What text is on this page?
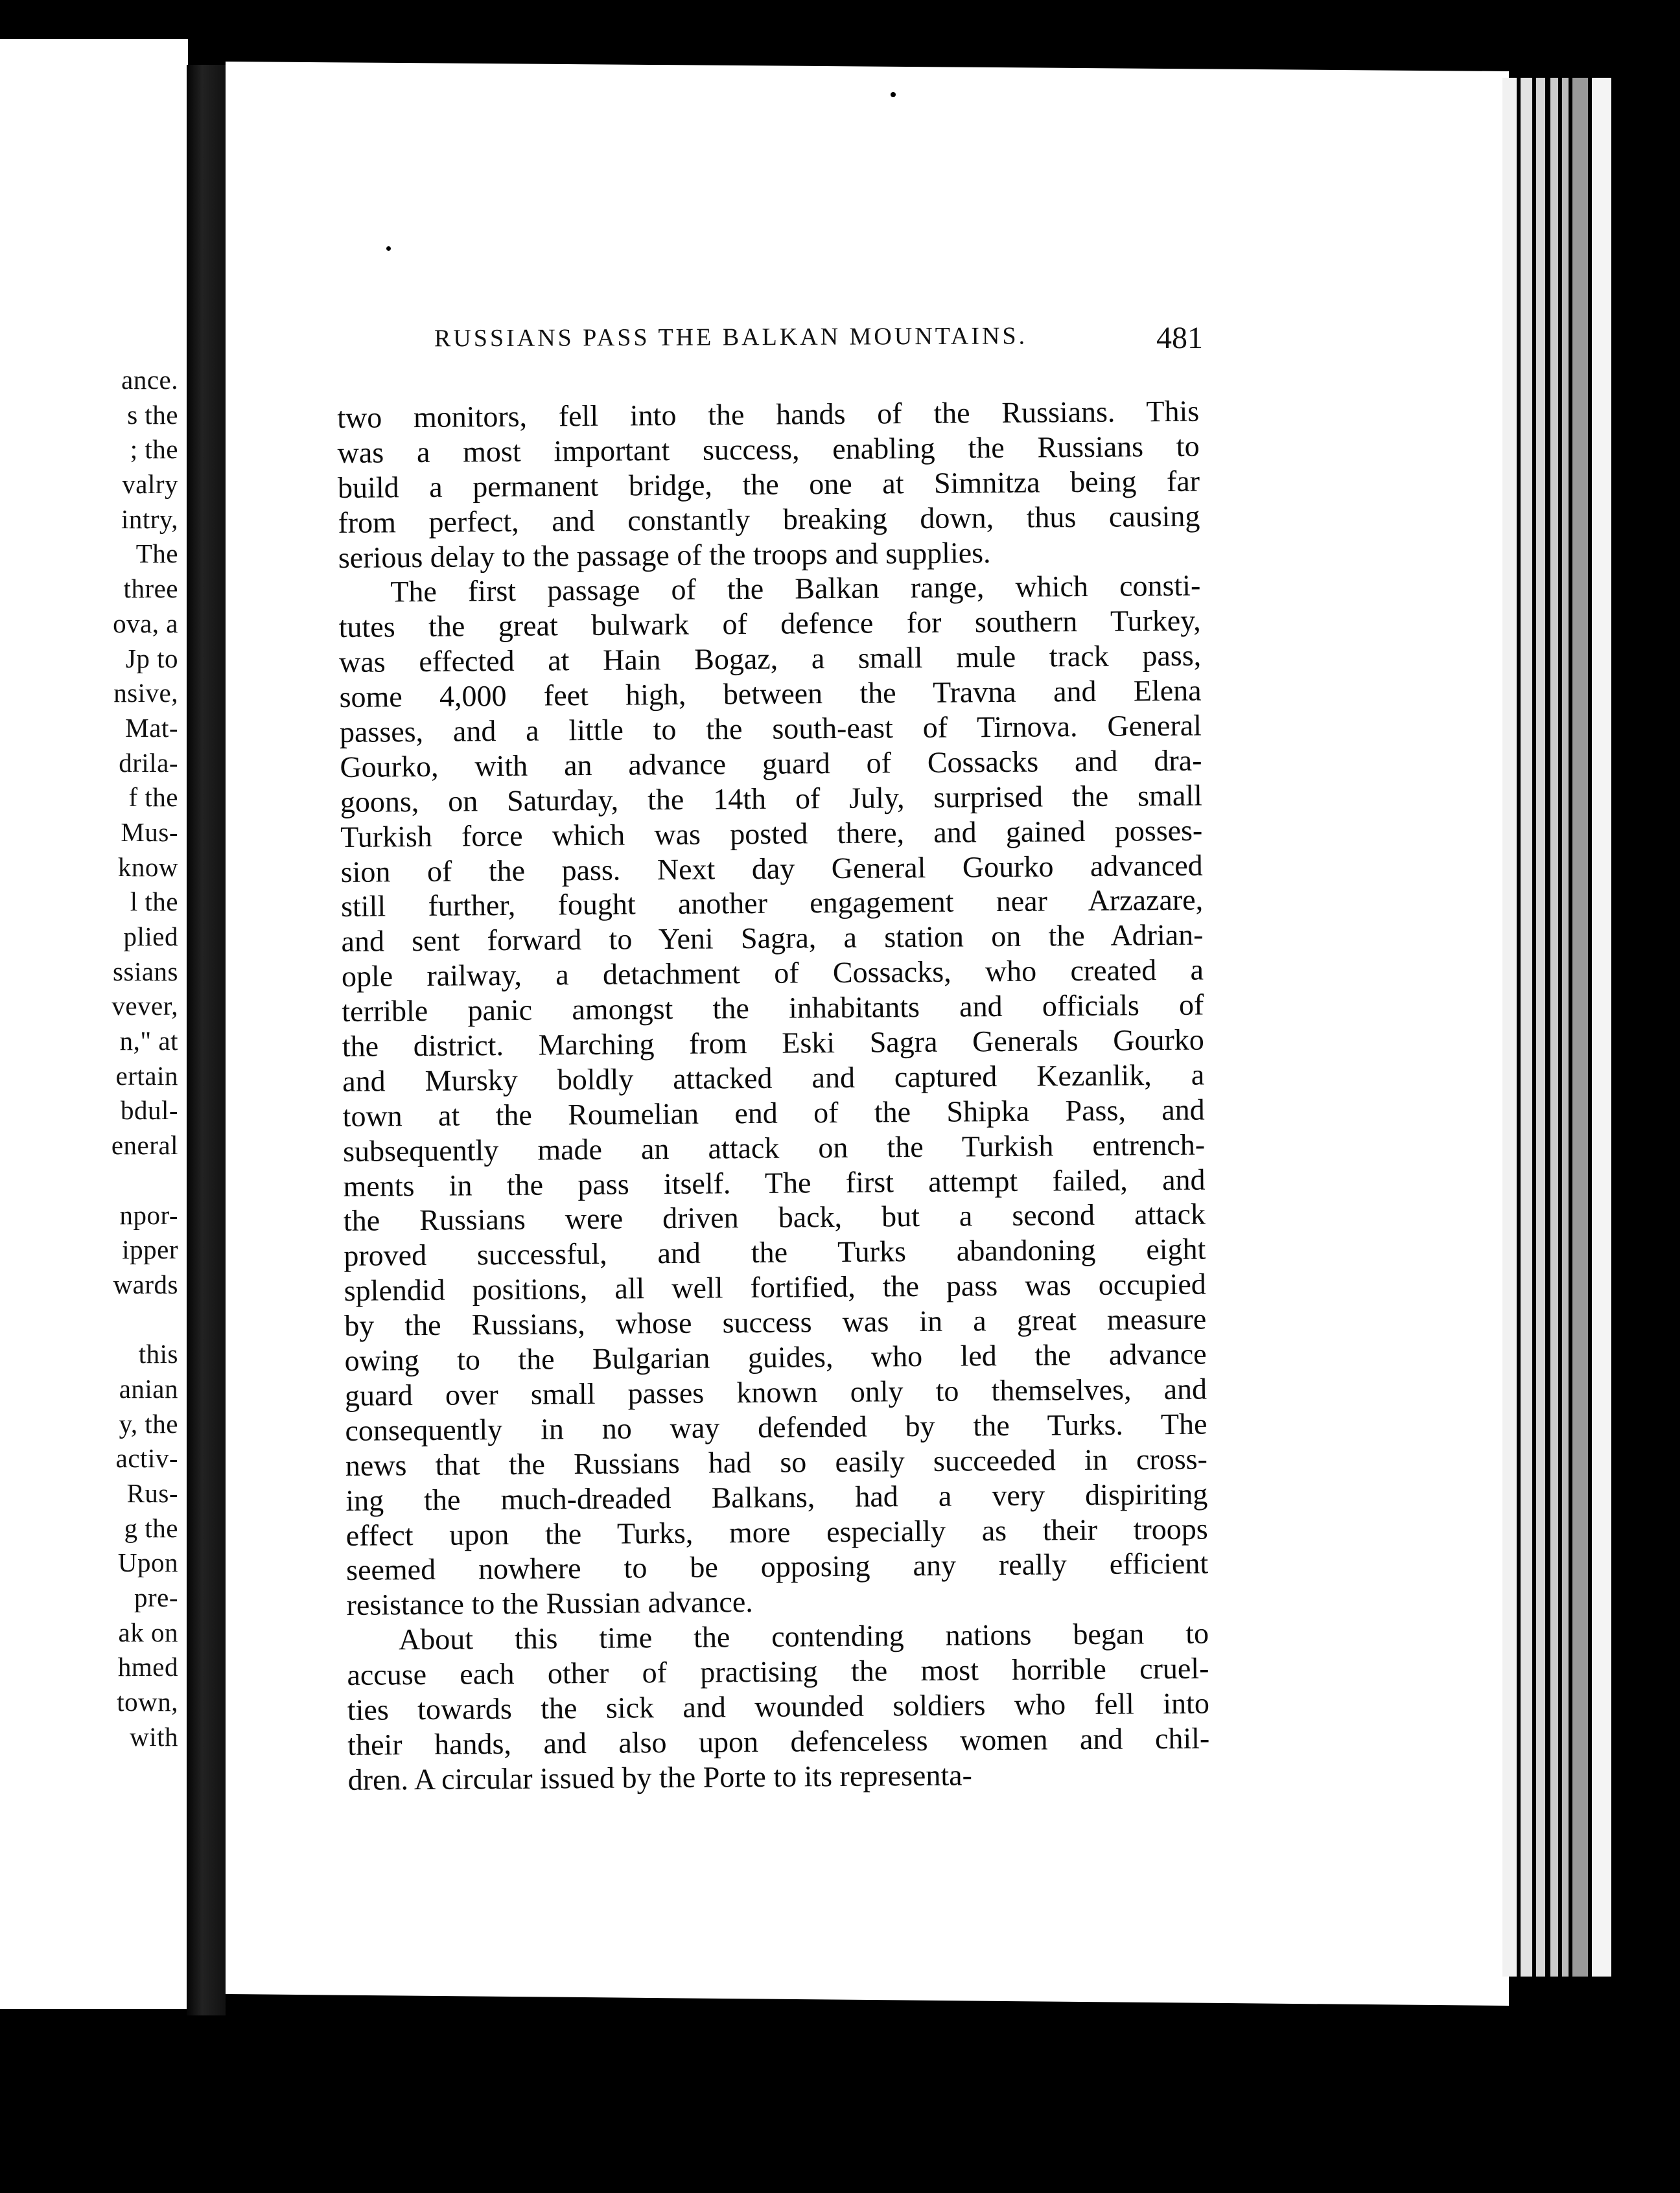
ance.
s the
; the
valry
intry,
The
three
ova, a
Jp to
nsive,
Mat-
drila-
f the
Mus-
know
l the
plied
ssians
vever,
n," at
ertain
bdul-
eneral
npor-
ipper
wards
this
anian
y, the
activ-
Rus-
g the
Upon
pre-
ak on
hmed
town,
with
RUSSIANS PASS THE BALKAN MOUNTAINS.	481
two monitors, fell into the hands of the Russians. This
was a most important success, enabling the Russians to
build a permanent bridge, the one at Simnitza being far
from perfect, and constantly breaking down, thus causing
serious delay to the passage of the troops and supplies.
The first passage of the Balkan range, which consti-
tutes the great bulwark of defence for southern Turkey,
was effected at Hain Bogaz, a small mule track pass,
some 4,000 feet high, between the Travna and Elena
passes, and a little to the south-east of Tirnova. General
Gourko, with an advance guard of Cossacks and dra-
goons, on Saturday, the 14th of July, surprised the small
Turkish force which was posted there, and gained posses-
sion of the pass. Next day General Gourko advanced
still further, fought another engagement near Arzazare,
and sent forward to Yeni Sagra, a station on the Adrian-
ople railway, a detachment of Cossacks, who created a
terrible panic amongst the inhabitants and officials of
the district. Marching from Eski Sagra Generals Gourko
and Mursky boldly attacked and captured Kezanlik, a
town at the Roumelian end of the Shipka Pass, and
subsequently made an attack on the Turkish entrench-
ments in the pass itself. The first attempt failed, and
the Russians were driven back, but a second attack
proved successful, and the Turks abandoning eight
splendid positions, all well fortified, the pass was occupied
by the Russians, whose success was in a great measure
owing to the Bulgarian guides, who led the advance
guard over small passes known only to themselves, and
consequently in no way defended by the Turks. The
news that the Russians had so easily succeeded in cross-
ing the much-dreaded Balkans, had a very dispiriting
effect upon the Turks, more especially as their troops
seemed nowhere to be opposing any really efficient
resistance to the Russian advance.
About this time the contending nations began to
accuse each other of practising the most horrible cruel-
ties towards the sick and wounded soldiers who fell into
their hands, and also upon defenceless women and chil-
dren. A circular issued by the Porte to its representa-
